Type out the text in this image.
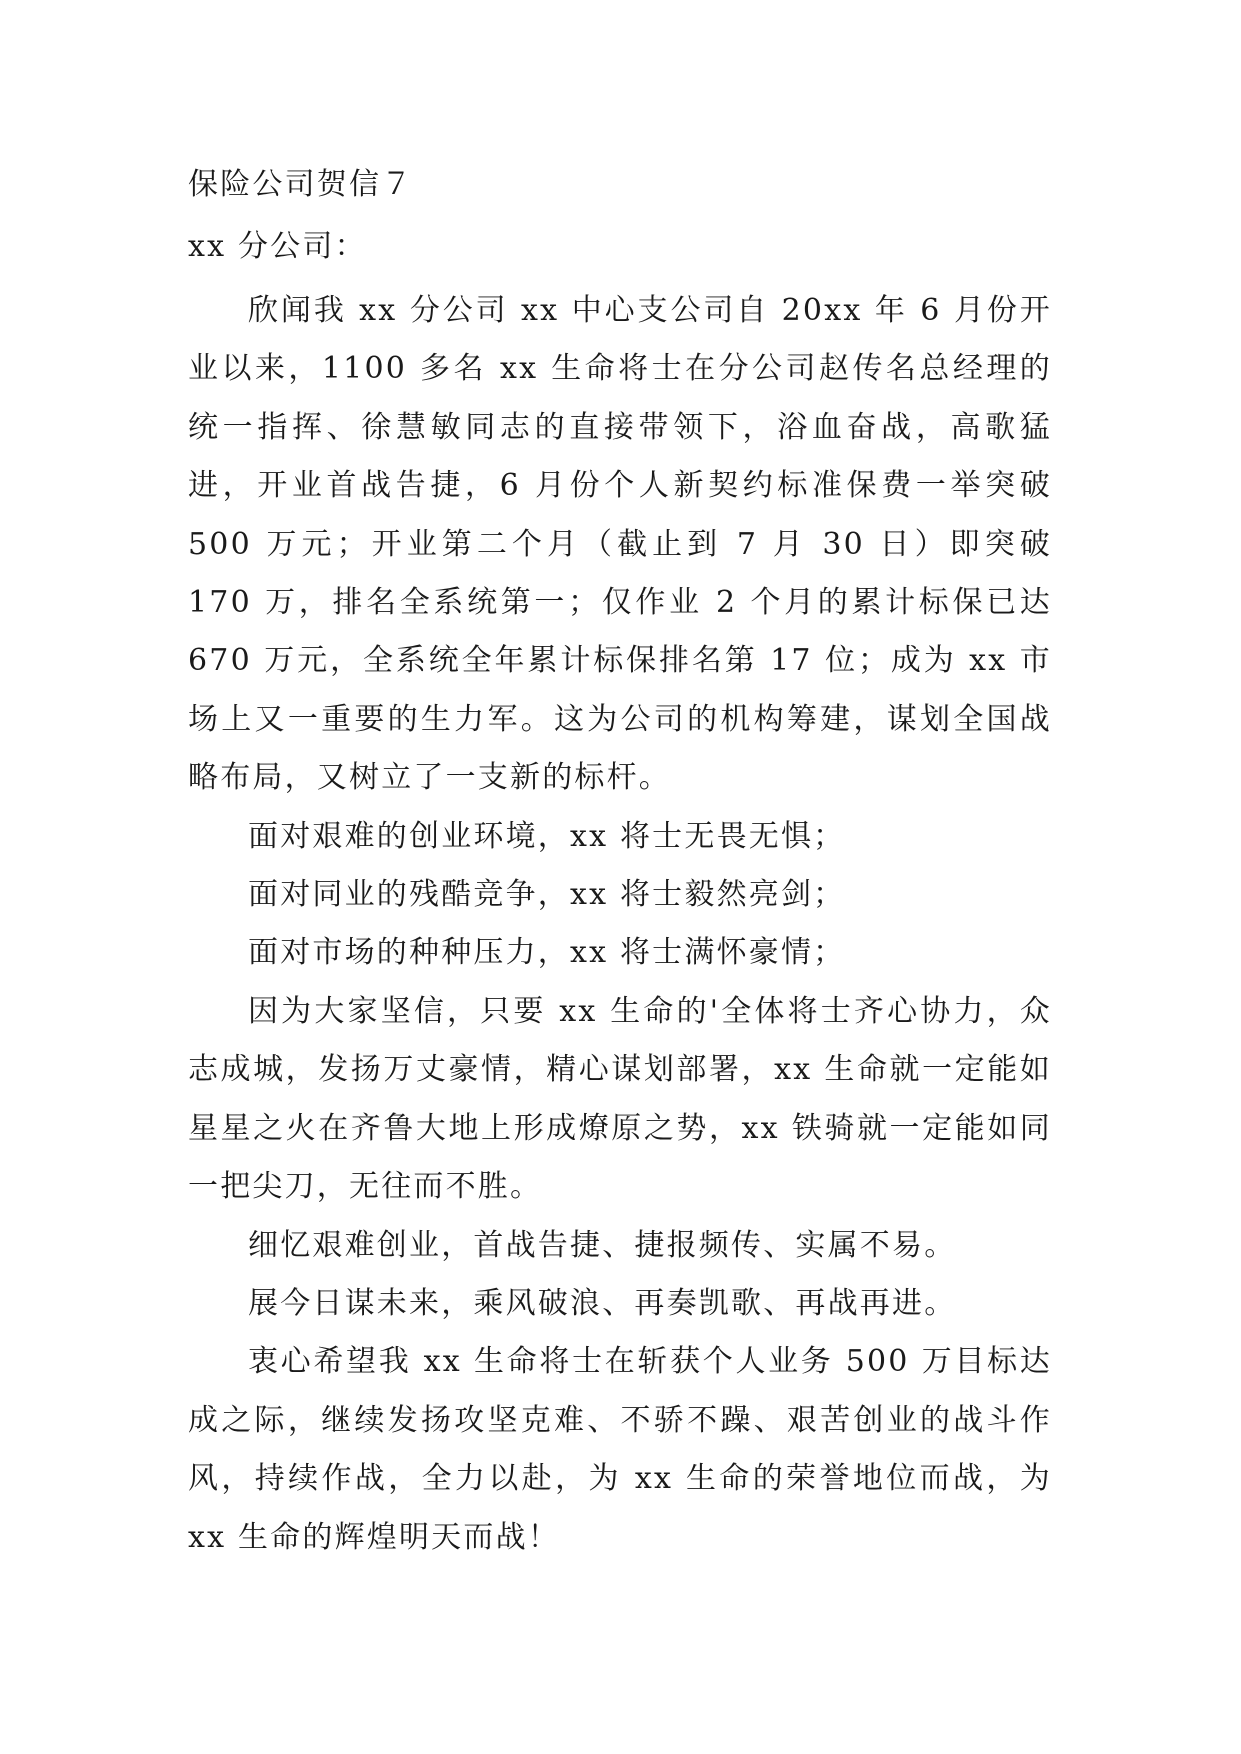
保险公司贺信７
xx 分公司：

欣闻我 xx 分公司 xx 中心支公司自 20xx 年 6 月份开业以来，1100 多名 xx 生命将士在分公司赵传名总经理的统一指挥、徐慧敏同志的直接带领下，浴血奋战，高歌猛进，开业首战告捷，6 月份个人新契约标准保费一举突破 500 万元；开业第二个月（截止到 7 月 30 日）即突破 170 万，排名全系统第一；仅作业 2 个月的累计标保已达 670 万元，全系统全年累计标保排名第 17 位；成为 xx 市场上又一重要的生力军。这为公司的机构筹建，谋划全国战略布局，又树立了一支新的标杆。

面对艰难的创业环境，xx 将士无畏无惧；

面对同业的残酷竞争，xx 将士毅然亮剑；

面对市场的种种压力，xx 将士满怀豪情；

因为大家坚信，只要 xx 生命的'全体将士齐心协力，众志成城，发扬万丈豪情，精心谋划部署，xx 生命就一定能如星星之火在齐鲁大地上形成燎原之势，xx 铁骑就一定能如同一把尖刀，无往而不胜。

细忆艰难创业，首战告捷、捷报频传、实属不易。

展今日谋未来，乘风破浪、再奏凯歌、再战再进。

衷心希望我 xx 生命将士在斩获个人业务 500 万目标达成之际，继续发扬攻坚克难、不骄不躁、艰苦创业的战斗作风，持续作战，全力以赴，为 xx 生命的荣誉地位而战，为 xx 生命的辉煌明天而战！
